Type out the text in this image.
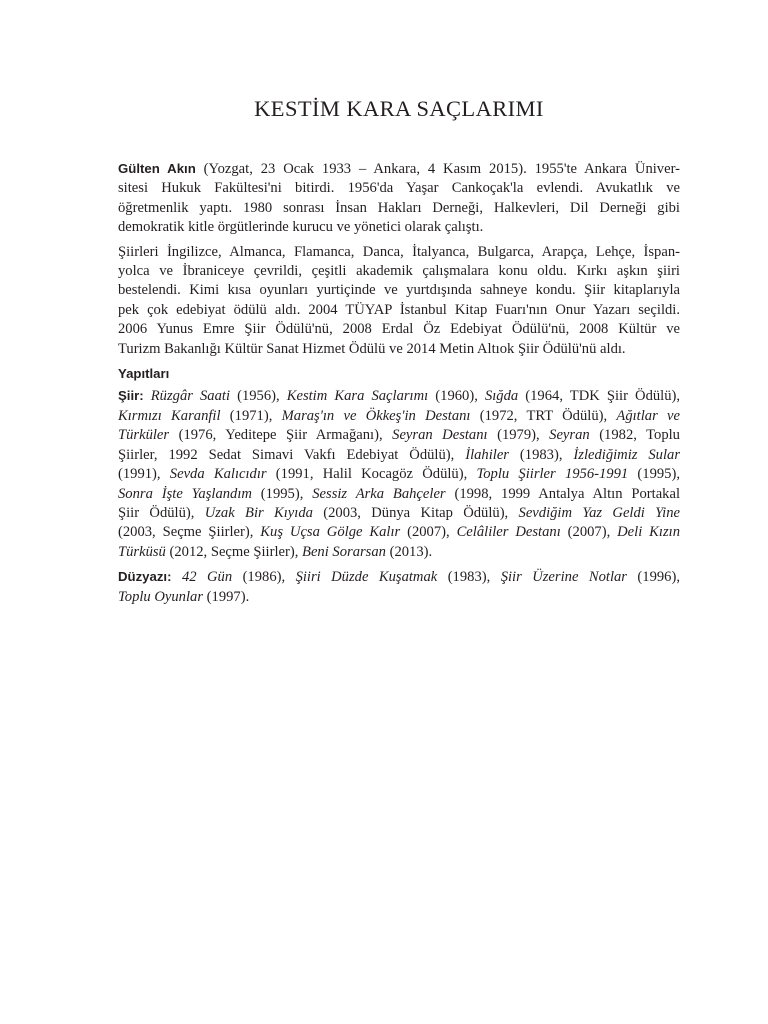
KESTİM KARA SAÇLARIMI

Gülten Akın (Yozgat, 23 Ocak 1933 – Ankara, 4 Kasım 2015). 1955'te Ankara Üniver-
sitesi Hukuk Fakültesi'ni bitirdi. 1956'da Yaşar Cankoçak'la evlendi. Avukatlık ve
öğretmenlik yaptı. 1980 sonrası İnsan Hakları Derneği, Halkevleri, Dil Derneği gibi
demokratik kitle örgütlerinde kurucu ve yönetici olarak çalıştı.

Şiirleri İngilizce, Almanca, Flamanca, Danca, İtalyanca, Bulgarca, Arapça, Lehçe, İspan-
yolca ve İbraniceye çevrildi, çeşitli akademik çalışmalara konu oldu. Kırkı aşkın şiiri
bestelendi. Kimi kısa oyunları yurtiçinde ve yurtdışında sahneye kondu. Şiir kitaplarıyla
pek çok edebiyat ödülü aldı. 2004 TÜYAP İstanbul Kitap Fuarı'nın Onur Yazarı seçildi.
2006 Yunus Emre Şiir Ödülü'nü, 2008 Erdal Öz Edebiyat Ödülü'nü, 2008 Kültür ve
Turizm Bakanlığı Kültür Sanat Hizmet Ödülü ve 2014 Metin Altıok Şiir Ödülü'nü aldı.

Yapıtları

Şiir: Rüzgâr Saati (1956), Kestim Kara Saçlarımı (1960), Sığda (1964, TDK Şiir Ödülü),
Kırmızı Karanfil (1971), Maraş'ın ve Ökkeş'in Destanı (1972, TRT Ödülü), Ağıtlar ve
Türküler (1976, Yeditepe Şiir Armağanı), Seyran Destanı (1979), Seyran (1982, Toplu
Şiirler, 1992 Sedat Simavi Vakfı Edebiyat Ödülü), İlahiler (1983), İzlediğimiz Sular
(1991), Sevda Kalıcıdır (1991, Halil Kocagöz Ödülü), Toplu Şiirler 1956-1991 (1995),
Sonra İşte Yaşlandım (1995), Sessiz Arka Bahçeler (1998, 1999 Antalya Altın Portakal
Şiir Ödülü), Uzak Bir Kıyıda (2003, Dünya Kitap Ödülü), Sevdiğim Yaz Geldi Yine
(2003, Seçme Şiirler), Kuş Uçsa Gölge Kalır (2007), Celâliler Destanı (2007), Deli Kızın
Türküsü (2012, Seçme Şiirler), Beni Sorarsan (2013).

Düzyazı: 42 Gün (1986), Şiiri Düzde Kuşatmak (1983), Şiir Üzerine Notlar (1996),
Toplu Oyunlar (1997).
